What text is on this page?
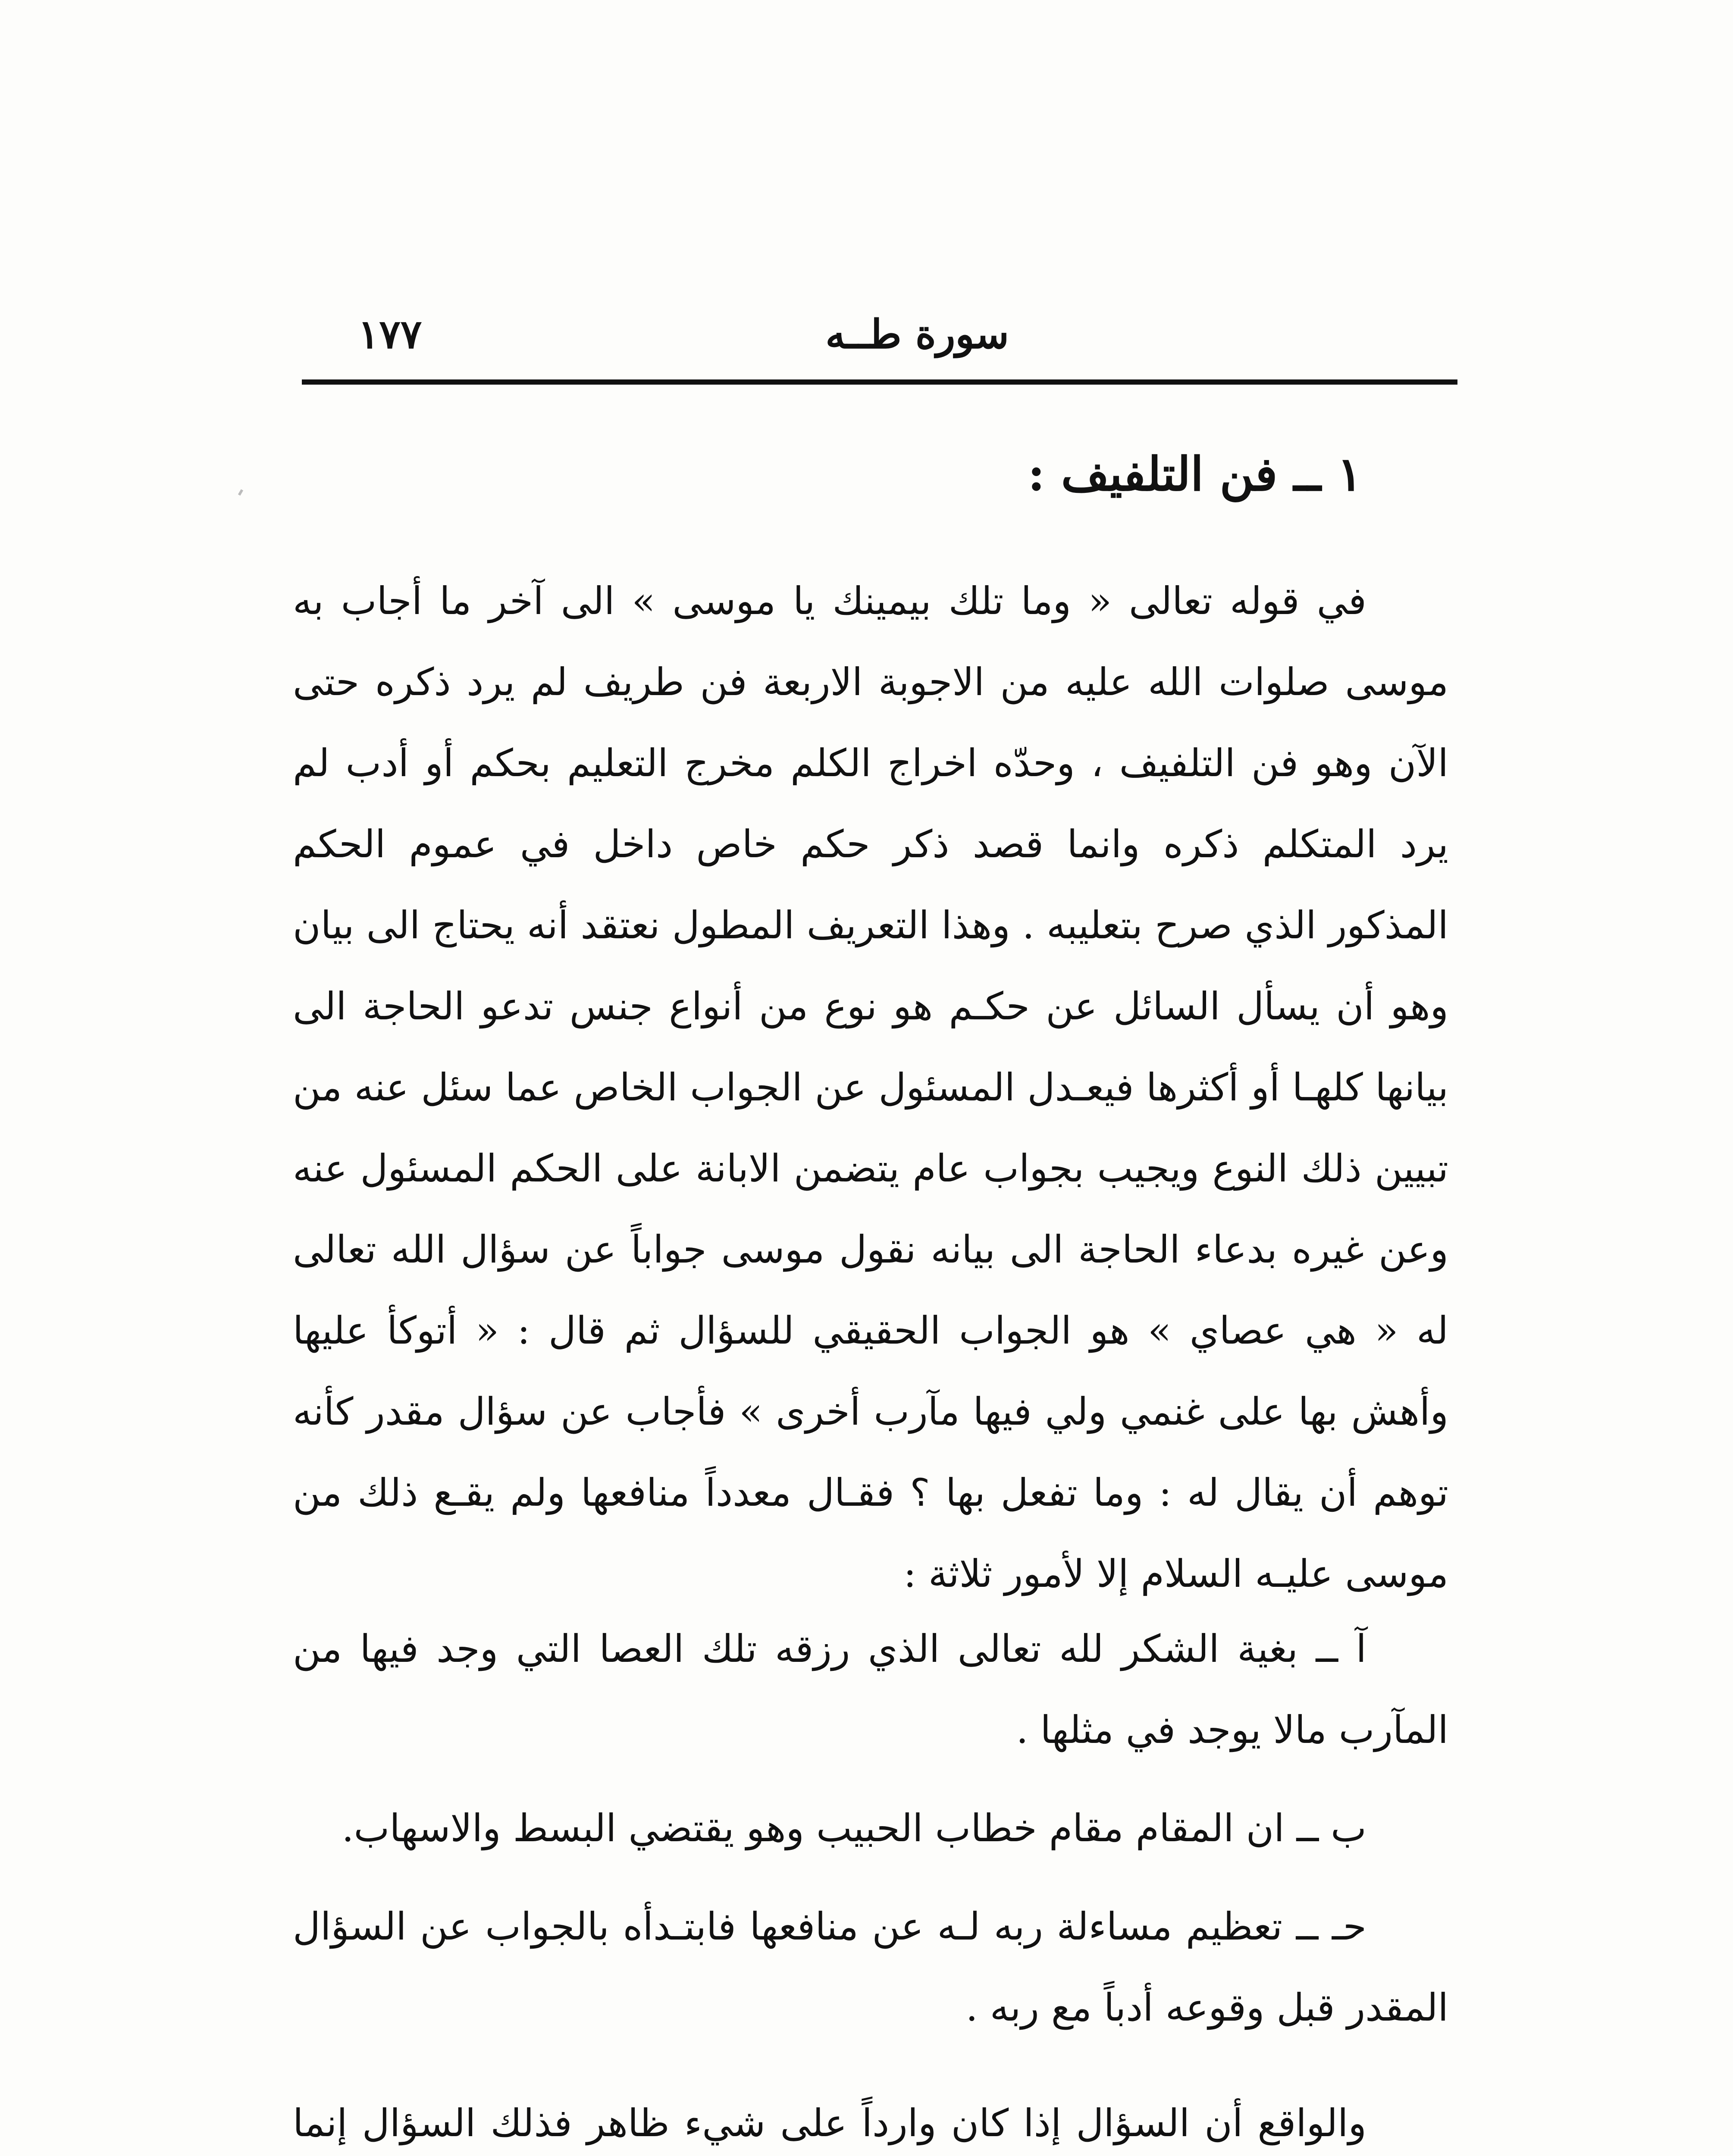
سورة طــه
١٧٧
١ ــ فن التلفيف :

في قوله تعالى « وما تلك بيمينك يا موسى » الى آخر ما أجاب به موسى صلوات الله عليه من الاجوبة الاربعة فن طريف لم يرد ذكره حتى الآن وهو فن التلفيف ، وحدّه اخراج الكلم مخرج التعليم بحكم أو أدب لم يرد المتكلم ذكره وانما قصد ذكر حكم خاص داخل في عموم الحكم المذكور الذي صرح بتعليبه . وهذا التعريف المطول نعتقد أنه يحتاج الى بيان وهو أن يسأل السائل عن حكـم هو نوع من أنواع جنس تدعو الحاجة الى بيانها كلهـا أو أكثرها فيعـدل المسئول عن الجواب الخاص عما سئل عنه من تبيين ذلك النوع ويجيب بجواب عام يتضمن الابانة على الحكم المسئول عنه وعن غيره بدعاء الحاجة الى بيانه نقول موسى جواباً عن سؤال الله تعالى له « هي عصاي » هو الجواب الحقيقي للسؤال ثم قال : « أتوكأ عليها وأهش بها على غنمي ولي فيها مآرب أخرى » فأجاب عن سؤال مقدر كأنه توهم أن يقال له : وما تفعل بها ؟ فقـال معدداً منافعها ولم يقـع ذلك من موسى عليـه السلام إلا لأمور ثلاثة :

آ ــ بغية الشكر لله تعالى الذي رزقه تلك العصا التي وجد فيها من المآرب مالا يوجد في مثلها .

ب ــ ان المقام مقام خطاب الحبيب وهو يقتضي البسط والاسهاب.

حـ ــ تعظيم مساءلة ربه لـه عن منافعها فابتـدأه بالجواب عن السؤال المقدر قبل وقوعه أدباً مع ربه .

والواقع أن السؤال إذا كان وارداً على شيء ظاهر فذلك السؤال إنما
